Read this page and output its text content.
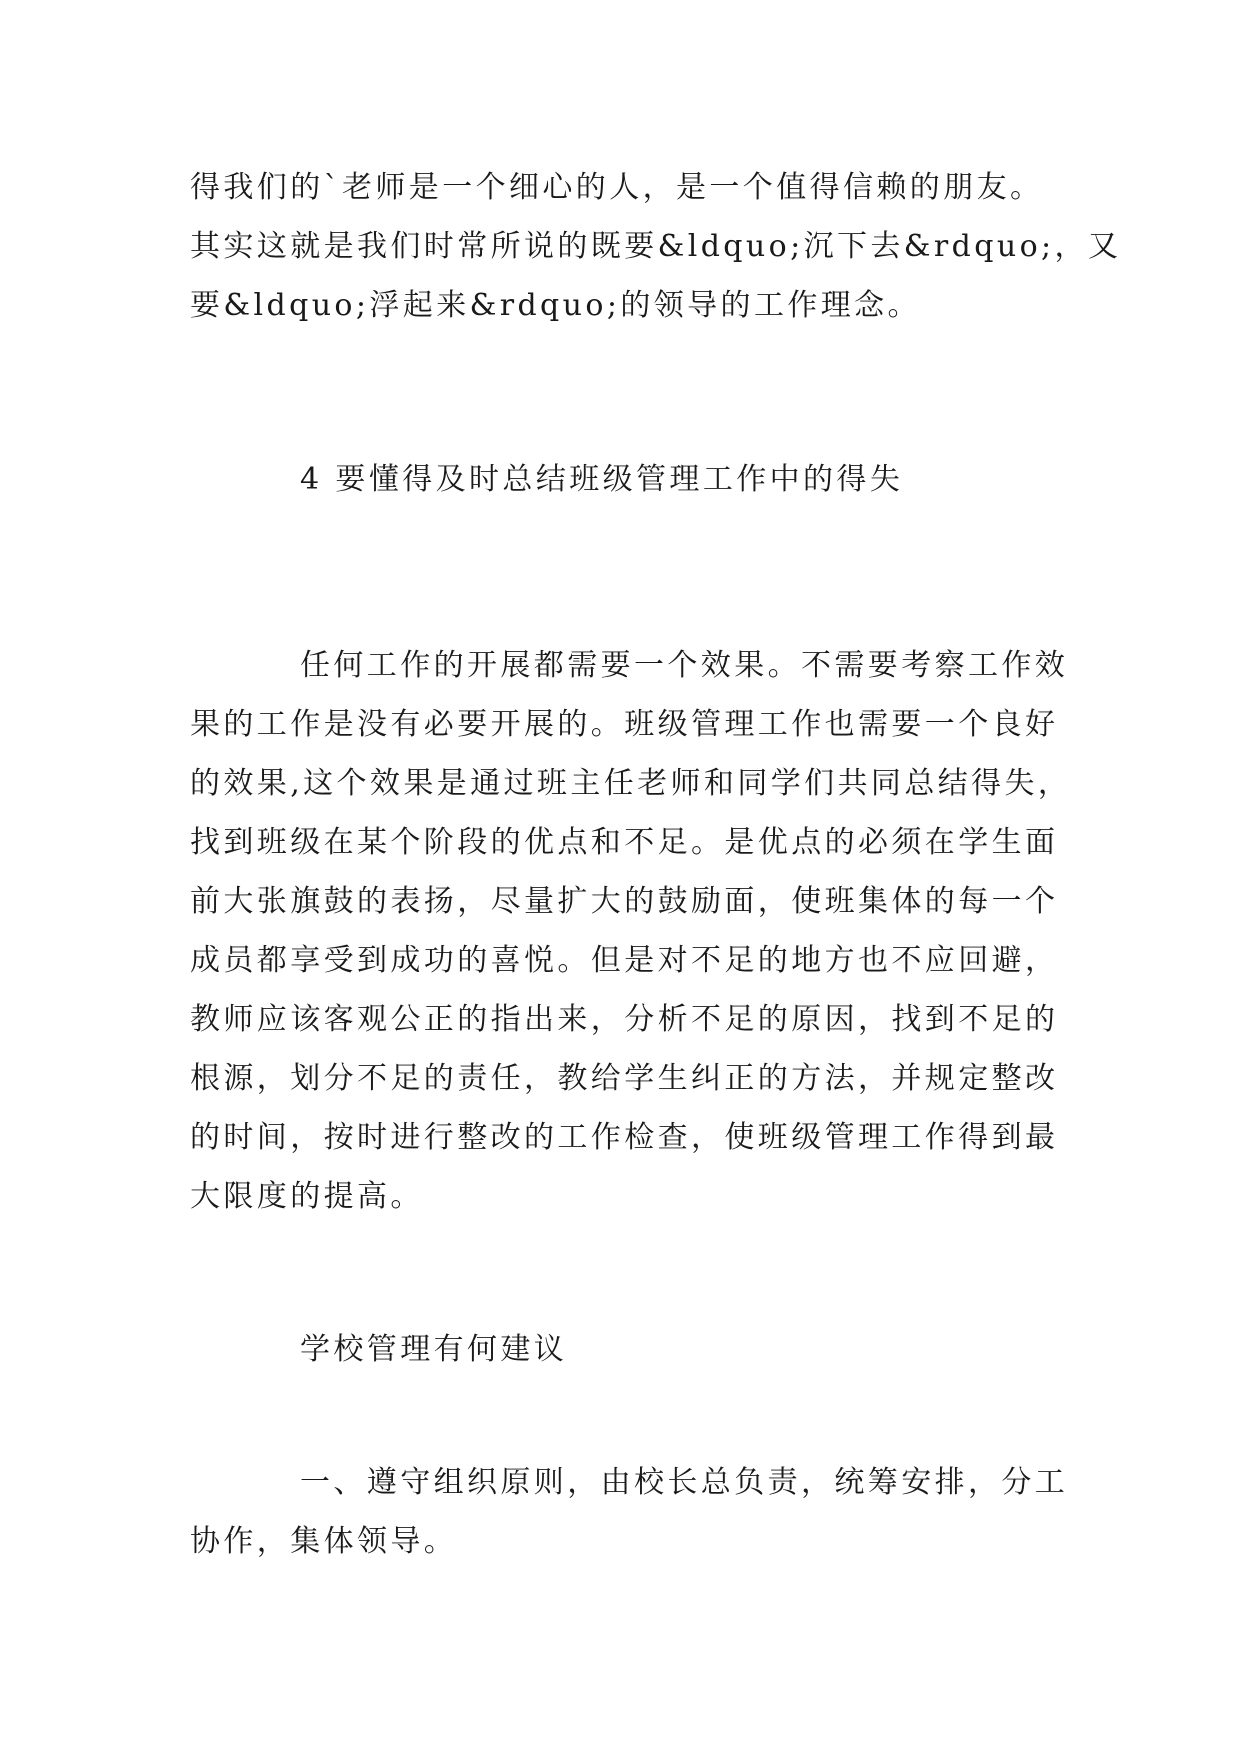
得我们的`老师是一个细心的人，是一个值得信赖的朋友。
其实这就是我们时常所说的既要&ldquo;沉下去&rdquo;，又
要&ldquo;浮起来&rdquo;的领导的工作理念。
4 要懂得及时总结班级管理工作中的得失
任何工作的开展都需要一个效果。不需要考察工作效
果的工作是没有必要开展的。班级管理工作也需要一个良好
的效果,这个效果是通过班主任老师和同学们共同总结得失，
找到班级在某个阶段的优点和不足。是优点的必须在学生面
前大张旗鼓的表扬，尽量扩大的鼓励面，使班集体的每一个
成员都享受到成功的喜悦。但是对不足的地方也不应回避，
教师应该客观公正的指出来，分析不足的原因，找到不足的
根源，划分不足的责任，教给学生纠正的方法，并规定整改
的时间，按时进行整改的工作检查，使班级管理工作得到最
大限度的提高。
学校管理有何建议
一、遵守组织原则，由校长总负责，统筹安排，分工
协作，集体领导。
